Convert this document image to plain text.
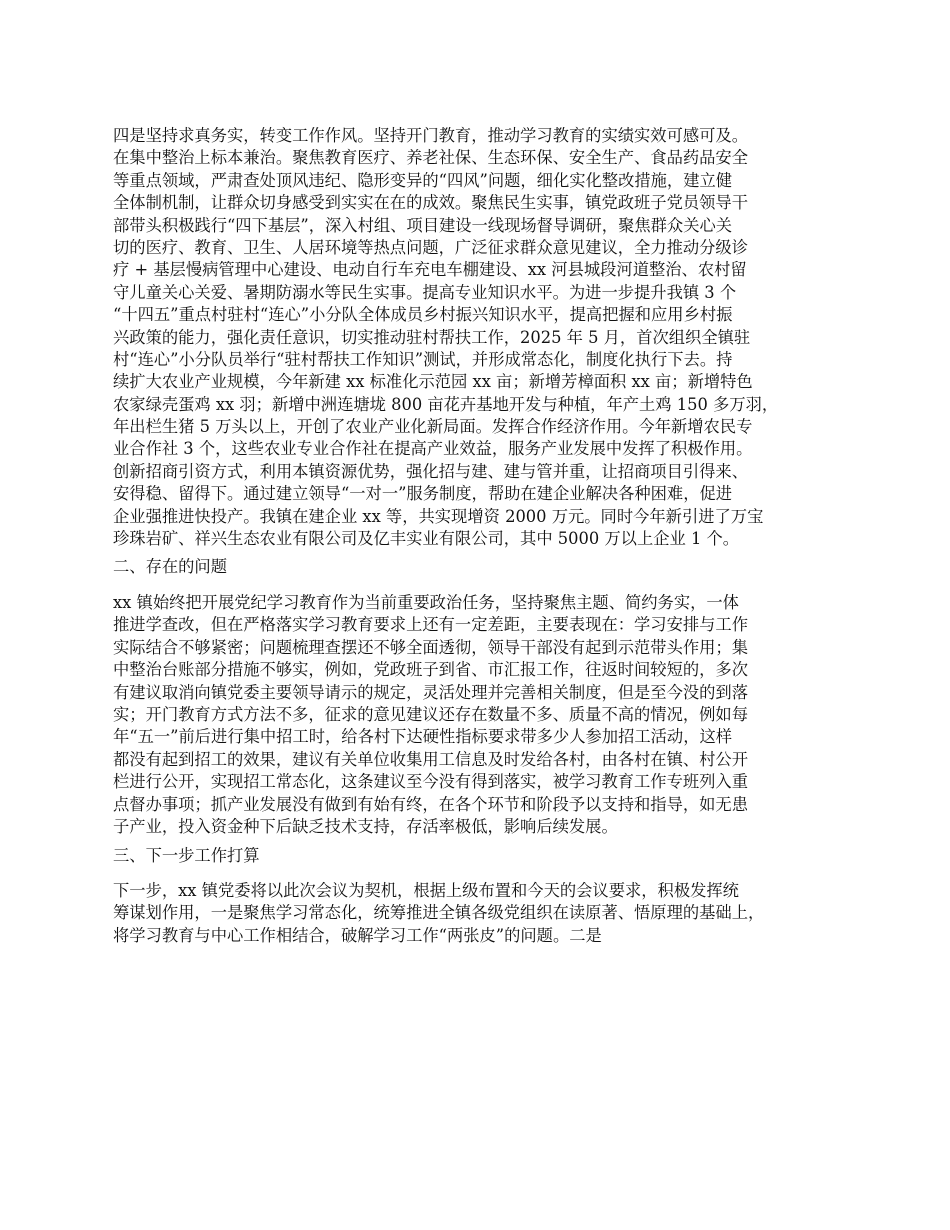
四是坚持求真务实，转变工作作风。坚持开门教育，推动学习教育的实绩实效可感可及。
在集中整治上标本兼治。聚焦教育医疗、养老社保、生态环保、安全生产、食品药品安全
等重点领域，严肃查处顶风违纪、隐形变异的“四风”问题，细化实化整改措施，建立健
全体制机制，让群众切身感受到实实在在的成效。聚焦民生实事，镇党政班子党员领导干
部带头积极践行“四下基层”，深入村组、项目建设一线现场督导调研，聚焦群众关心关
切的医疗、教育、卫生、人居环境等热点问题，广泛征求群众意见建议，全力推动分级诊
疗 + 基层慢病管理中心建设、电动自行车充电车棚建设、xx 河县城段河道整治、农村留
守儿童关心关爱、暑期防溺水等民生实事。提高专业知识水平。为进一步提升我镇 3 个
“十四五”重点村驻村“连心”小分队全体成员乡村振兴知识水平，提高把握和应用乡村振
兴政策的能力，强化责任意识，切实推动驻村帮扶工作，2025 年 5 月，首次组织全镇驻
村“连心”小分队员举行“驻村帮扶工作知识”测试，并形成常态化，制度化执行下去。持
续扩大农业产业规模，今年新建 xx 标准化示范园 xx 亩；新增芳樟面积 xx 亩；新增特色
农家绿壳蛋鸡 xx 羽；新增中洲连塘垅 800 亩花卉基地开发与种植，年产土鸡 150 多万羽，
年出栏生猪 5 万头以上，开创了农业产业化新局面。发挥合作经济作用。今年新增农民专
业合作社 3 个，这些农业专业合作社在提高产业效益，服务产业发展中发挥了积极作用。
创新招商引资方式，利用本镇资源优势，强化招与建、建与管并重，让招商项目引得来、
安得稳、留得下。通过建立领导“一对一”服务制度，帮助在建企业解决各种困难，促进
企业强推进快投产。我镇在建企业 xx 等，共实现增资 2000 万元。同时今年新引进了万宝
珍珠岩矿、祥兴生态农业有限公司及亿丰实业有限公司，其中 5000 万以上企业 1 个。
二、存在的问题
xx 镇始终把开展党纪学习教育作为当前重要政治任务，坚持聚焦主题、简约务实，一体
推进学查改，但在严格落实学习教育要求上还有一定差距，主要表现在：学习安排与工作
实际结合不够紧密；问题梳理查摆还不够全面透彻，领导干部没有起到示范带头作用；集
中整治台账部分措施不够实，例如，党政班子到省、市汇报工作，往返时间较短的，多次
有建议取消向镇党委主要领导请示的规定，灵活处理并完善相关制度，但是至今没的到落
实；开门教育方式方法不多，征求的意见建议还存在数量不多、质量不高的情况，例如每
年“五一”前后进行集中招工时，给各村下达硬性指标要求带多少人参加招工活动，这样
都没有起到招工的效果，建议有关单位收集用工信息及时发给各村，由各村在镇、村公开
栏进行公开，实现招工常态化，这条建议至今没有得到落实，被学习教育工作专班列入重
点督办事项；抓产业发展没有做到有始有终，在各个环节和阶段予以支持和指导，如无患
子产业，投入资金种下后缺乏技术支持，存活率极低，影响后续发展。
三、下一步工作打算
下一步，xx 镇党委将以此次会议为契机，根据上级布置和今天的会议要求，积极发挥统
筹谋划作用，一是聚焦学习常态化，统筹推进全镇各级党组织在读原著、悟原理的基础上，
将学习教育与中心工作相结合，破解学习工作“两张皮”的问题。二是
